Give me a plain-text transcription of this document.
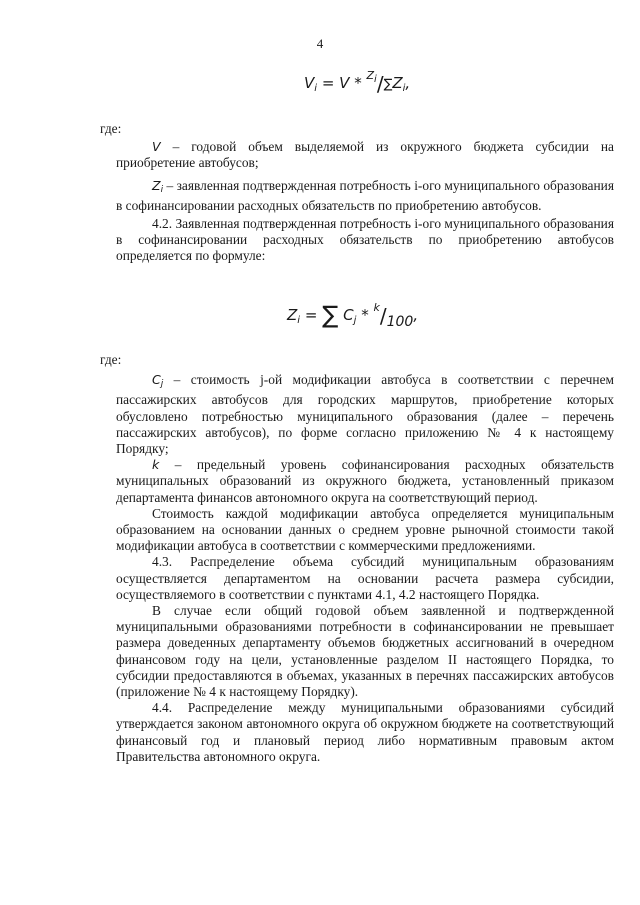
4
$V_i = V * ^{Zi}/\sum Z_i$,

где:

V – годовой объем выделяемой из окружного бюджета субсидии на приобретение автобусов;

$Z_i$ – заявленная подтвержденная потребность i-ого муниципального образования в софинансировании расходных обязательств по приобретению автобусов.

4.2. Заявленная подтвержденная потребность i-ого муниципального образования в софинансировании расходных обязательств по приобретению автобусов определяется по формуле:

$Z_i$ = ∑ $C_j * ^k/100$,

где:

$C_j$ – стоимость j-ой модификации автобуса в соответствии с перечнем пассажирских автобусов для городских маршрутов, приобретение которых обусловлено потребностью муниципального образования (далее – перечень пассажирских автобусов), по форме согласно приложению № 4 к настоящему Порядку;

k – предельный уровень софинансирования расходных обязательств муниципальных образований из окружного бюджета, установленный приказом департамента финансов автономного округа на соответствующий период.

Стоимость каждой модификации автобуса определяется муниципальным образованием на основании данных о среднем уровне рыночной стоимости такой модификации автобуса в соответствии с коммерческими предложениями.

4.3. Распределение объема субсидий муниципальным образованиям осуществляется департаментом на основании расчета размера субсидии, осуществляемого в соответствии с пунктами 4.1, 4.2 настоящего Порядка.

В случае если общий годовой объем заявленной и подтвержденной муниципальными образованиями потребности в софинансировании не превышает размера доведенных департаменту объемов бюджетных ассигнований в очередном финансовом году на цели, установленные разделом II настоящего Порядка, то субсидии предоставляются в объемах, указанных в перечнях пассажирских автобусов (приложение № 4 к настоящему Порядку).

4.4. Распределение между муниципальными образованиями субсидий утверждается законом автономного округа об окружном бюджете на соответствующий финансовый год и плановый период либо нормативным правовым актом Правительства автономного округа.
